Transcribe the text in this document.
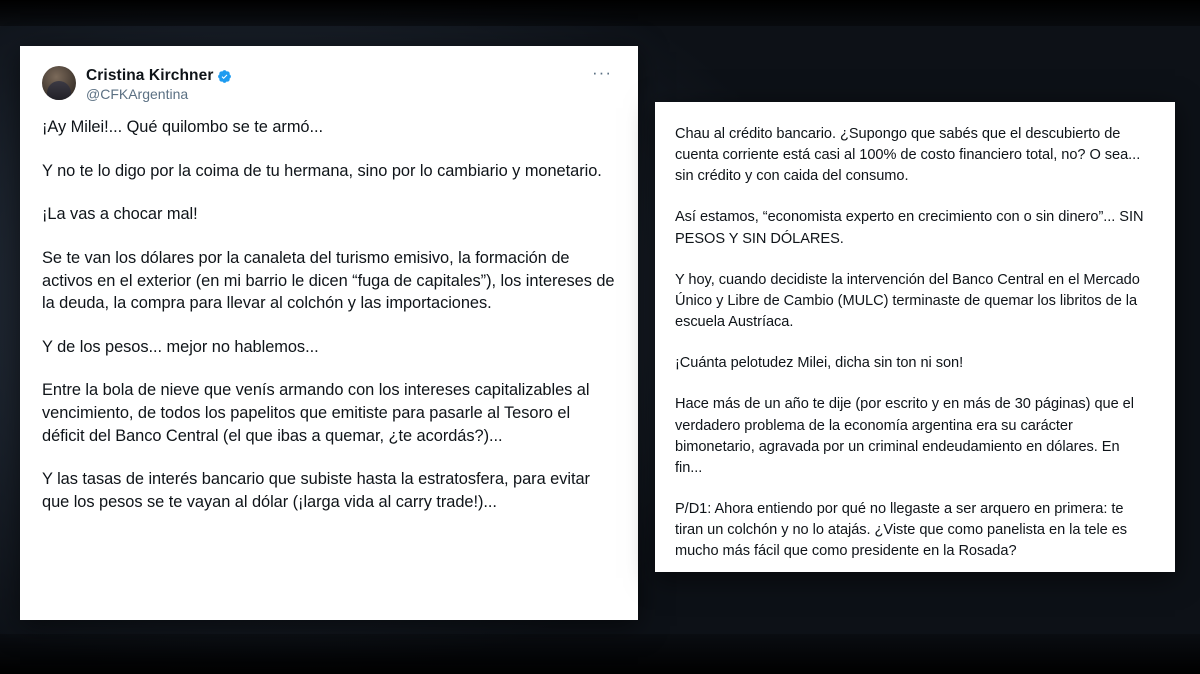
Cristina Kirchner
@CFKArgentina
···

¡Ay Milei!... Qué quilombo se te armó...

Y no te lo digo por la coima de tu hermana, sino por lo cambiario y monetario.

¡La vas a chocar mal!

Se te van los dólares por la canaleta del turismo emisivo, la formación de activos en el exterior (en mi barrio le dicen “fuga de capitales”), los intereses de la deuda, la compra para llevar al colchón y las importaciones.

Y de los pesos... mejor no hablemos...

Entre la bola de nieve que venís armando con los intereses capitalizables al vencimiento, de todos los papelitos que emitiste para pasarle al Tesoro el déficit del Banco Central (el que ibas a quemar, ¿te acordás?)...

Y las tasas de interés bancario que subiste hasta la estratosfera, para evitar que los pesos se te vayan al dólar (¡larga vida al carry trade!)...

Chau al crédito bancario. ¿Supongo que sabés que el descubierto de cuenta corriente está casi al 100% de costo financiero total, no? O sea... sin crédito y con caida del consumo.

Así estamos, “economista experto en crecimiento con o sin dinero”... SIN PESOS Y SIN DÓLARES.

Y hoy, cuando decidiste la intervención del Banco Central en el Mercado Único y Libre de Cambio (MULC) terminaste de quemar los libritos de la escuela Austríaca.

¡Cuánta pelotudez Milei, dicha sin ton ni son!

Hace más de un año te dije (por escrito y en más de 30 páginas) que el verdadero problema de la economía argentina era su carácter bimonetario, agravada por un criminal endeudamiento en dólares. En fin...

P/D1: Ahora entiendo por qué no llegaste a ser arquero en primera: te tiran un colchón y no lo atajás. ¿Viste que como panelista en la tele es mucho más fácil que como presidente en la Rosada?
